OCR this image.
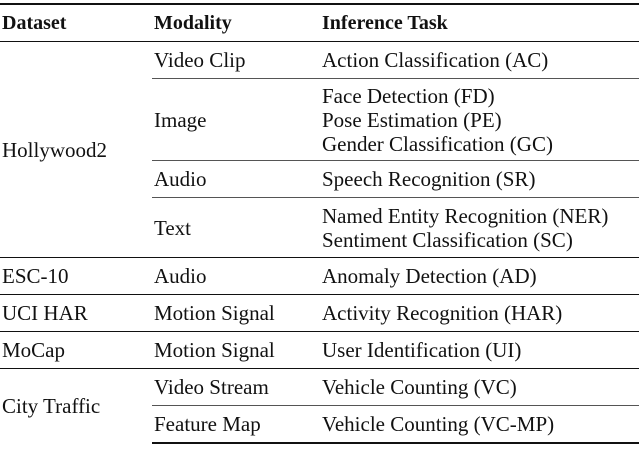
Dataset	Modality	Inference Task
Hollywood2	Video Clip	Action Classification (AC)

	Image	Face Detection (FD)
Pose Estimation (PE)
Gender Classification (GC)

	Audio	Speech Recognition (SR)

	Text	Named Entity Recognition (NER)
Sentiment Classification (SC)

ESC-10	Audio	Anomaly Detection (AD)

UCI HAR	Motion Signal	Activity Recognition (HAR)

MoCap	Motion Signal	User Identification (UI)

City Traffic	Video Stream	Vehicle Counting (VC)

	Feature Map	Vehicle Counting (VC-MP)
